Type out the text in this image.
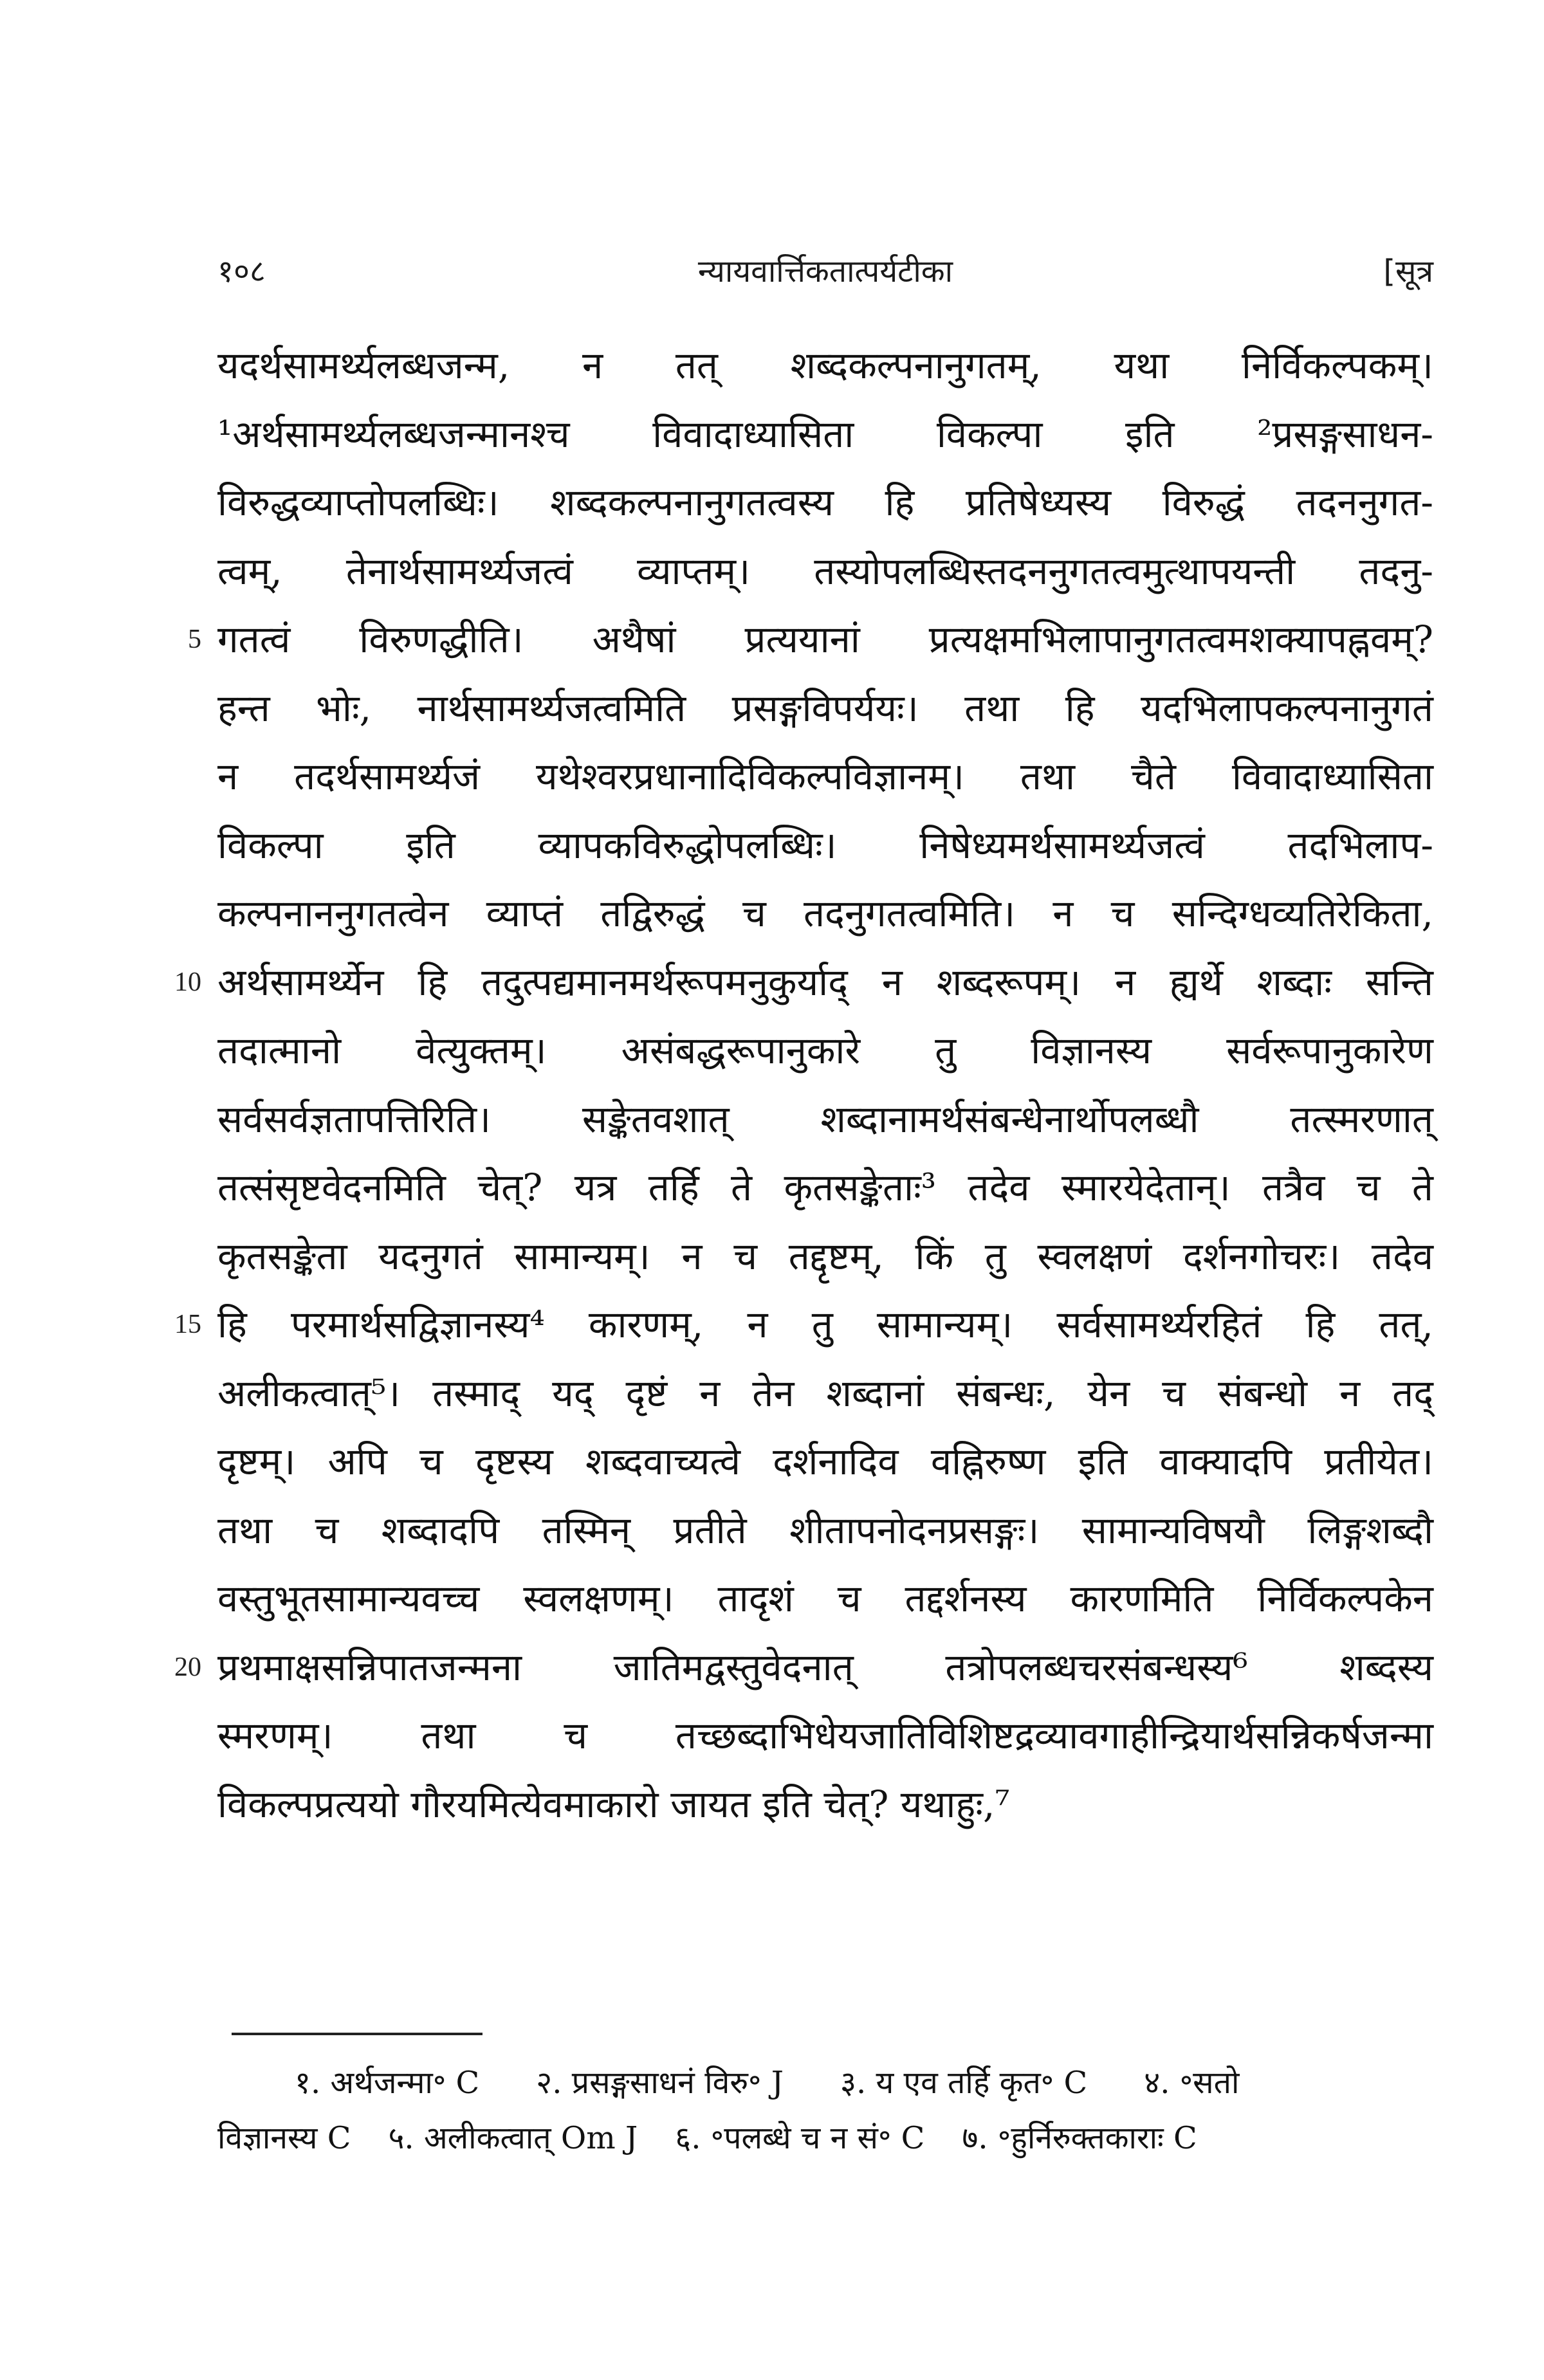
१०८	न्यायवार्त्तिकतात्पर्यटीका	[सूत्र
यदर्थसामर्थ्यलब्धजन्म, न तत् शब्दकल्पनानुगतम्, यथा निर्विकल्पकम्।
¹अर्थसामर्थ्यलब्धजन्मानश्च विवादाध्यासिता विकल्पा इति ²प्रसङ्गसाधन-
विरुद्धव्याप्तोपलब्धिः। शब्दकल्पनानुगतत्वस्य हि प्रतिषेध्यस्य विरुद्धं तदननुगत-
त्वम्, तेनार्थसामर्थ्यजत्वं व्याप्तम्। तस्योपलब्धिस्तदननुगतत्वमुत्थापयन्ती तदनु-
5 गतत्वं विरुणद्धीति। अथैषां प्रत्ययानां प्रत्यक्षमभिलापानुगतत्वमशक्यापह्नवम्?
हन्त भोः, नार्थसामर्थ्यजत्वमिति प्रसङ्गविपर्ययः। तथा हि यदभिलापकल्पनानुगतं
न तदर्थसामर्थ्यजं यथेश्वरप्रधानादिविकल्पविज्ञानम्। तथा चैते विवादाध्यासिता
विकल्पा इति व्यापकविरुद्धोपलब्धिः। निषेध्यमर्थसामर्थ्यजत्वं तदभिलाप-
कल्पनाननुगतत्वेन व्याप्तं तद्विरुद्धं च तदनुगतत्वमिति। न च सन्दिग्धव्यतिरेकिता,
10 अर्थसामर्थ्येन हि तदुत्पद्यमानमर्थरूपमनुकुर्याद् न शब्दरूपम्। न ह्यर्थे शब्दाः सन्ति
तदात्मानो वेत्युक्तम्। असंबद्धरूपानुकारे तु विज्ञानस्य सर्वरूपानुकारेण
सर्वसर्वज्ञतापत्तिरिति। सङ्केतवशात् शब्दानामर्थसंबन्धेनार्थोपलब्धौ तत्स्मरणात्
तत्संसृष्टवेदनमिति चेत्? यत्र तर्हि ते कृतसङ्केताः³ तदेव स्मारयेदेतान्। तत्रैव च ते
कृतसङ्केता यदनुगतं सामान्यम्। न च तद्दृष्टम्, किं तु स्वलक्षणं दर्शनगोचरः। तदेव
15 हि परमार्थसद्विज्ञानस्य⁴ कारणम्, न तु सामान्यम्। सर्वसामर्थ्यरहितं हि तत्,
अलीकत्वात्⁵। तस्माद् यद् दृष्टं न तेन शब्दानां संबन्धः, येन च संबन्धो न तद्
दृष्टम्। अपि च दृष्टस्य शब्दवाच्यत्वे दर्शनादिव वह्निरुष्ण इति वाक्यादपि प्रतीयेत।
तथा च शब्दादपि तस्मिन् प्रतीते शीतापनोदनप्रसङ्गः। सामान्यविषयौ लिङ्गशब्दौ
वस्तुभूतसामान्यवच्च स्वलक्षणम्। तादृशं च तद्दर्शनस्य कारणमिति निर्विकल्पकेन
20 प्रथमाक्षसन्निपातजन्मना जातिमद्वस्तुवेदनात् तत्रोपलब्धचरसंबन्धस्य⁶ शब्दस्य
स्मरणम्। तथा च तच्छब्दाभिधेयजातिविशिष्टद्रव्यावगाहीन्द्रियार्थसन्निकर्षजन्मा
विकल्पप्रत्ययो गौरयमित्येवमाकारो जायत इति चेत्? यथाहुः,⁷
१. अर्थजन्मा॰ C २. प्रसङ्गसाधनं विरु॰ J ३. य एव तर्हि कृत॰ C ४. ॰सतो
विज्ञानस्य C ५. अलीकत्वात् Om J ६. ॰पलब्धे च न सं॰ C ७. ॰हुर्निरुक्तकाराः C
